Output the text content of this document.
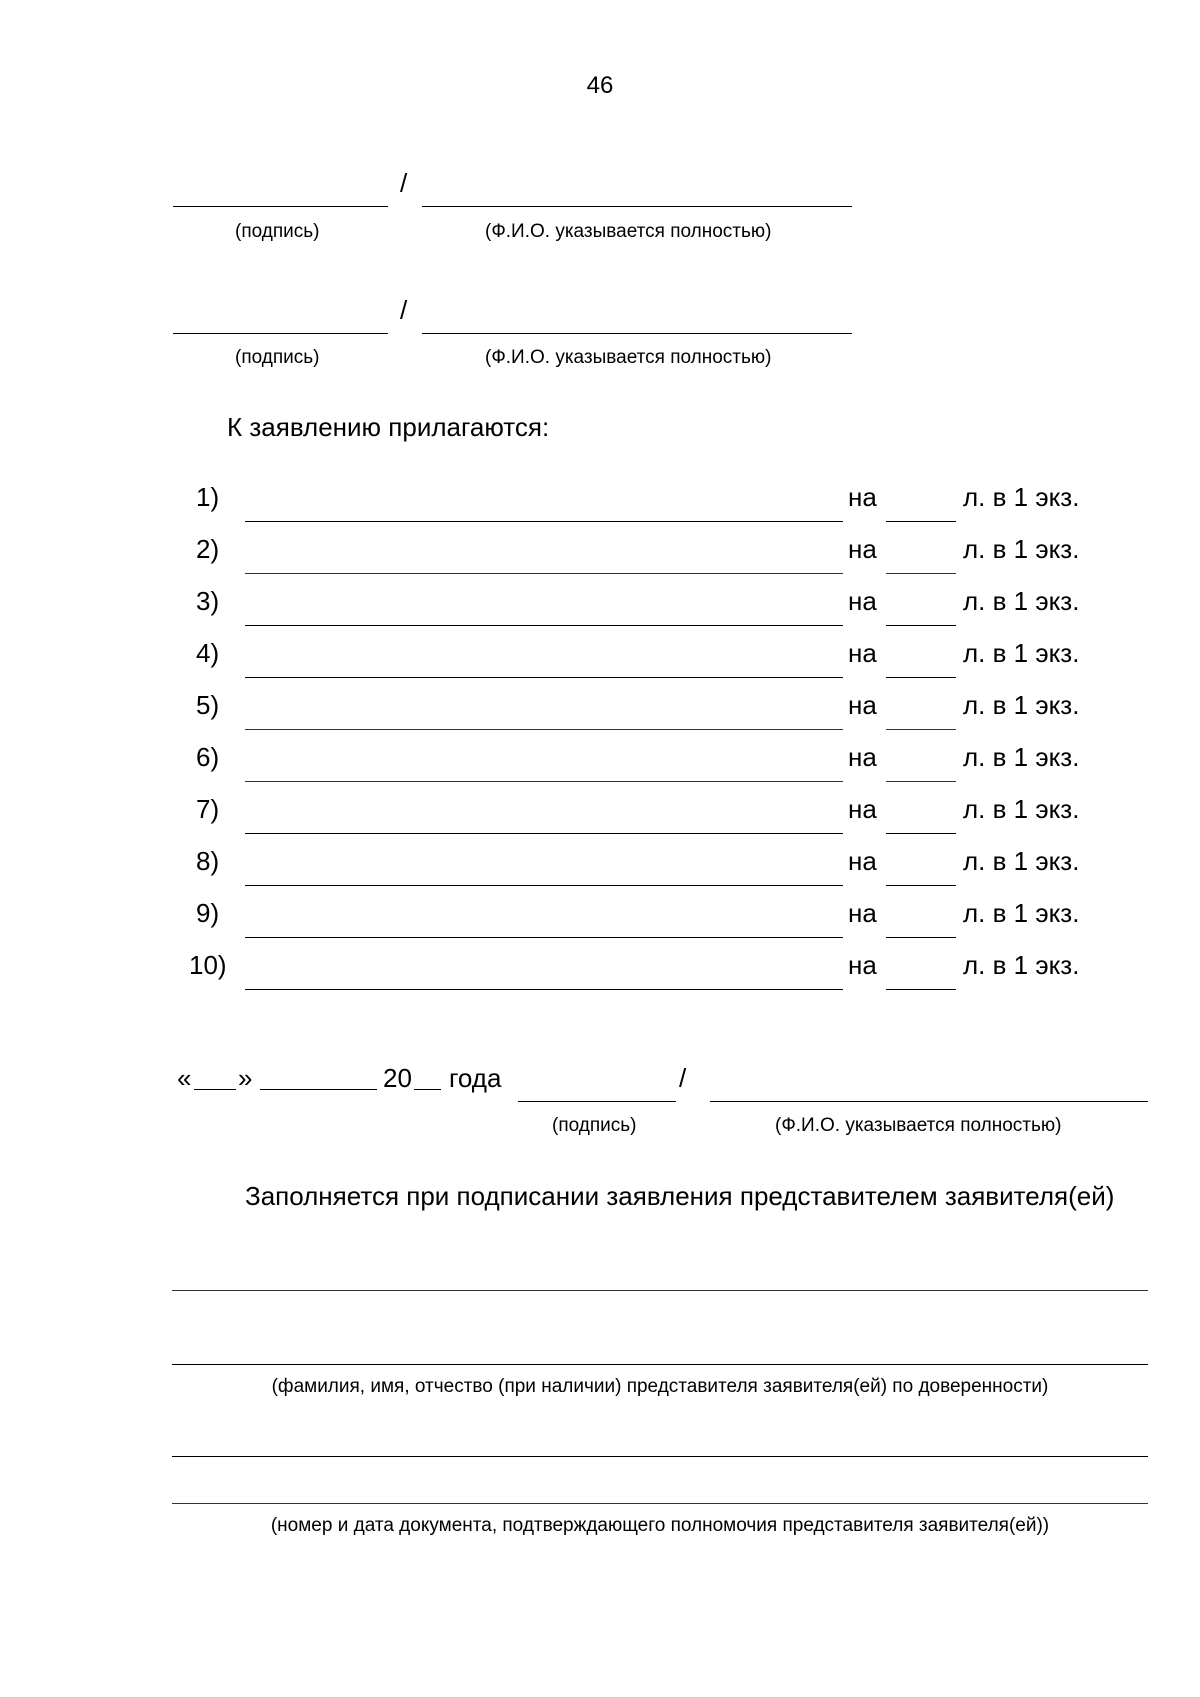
46
/
(подпись)	(Ф.И.О. указывается полностью)
/
(подпись)	(Ф.И.О. указывается полностью)
К заявлению прилагаются:
1)	на	л. в 1 экз.
2)	на	л. в 1 экз.
3)	на	л. в 1 экз.
4)	на	л. в 1 экз.
5)	на	л. в 1 экз.
6)	на	л. в 1 экз.
7)	на	л. в 1 экз.
8)	на	л. в 1 экз.
9)	на	л. в 1 экз.
10)	на	л. в 1 экз.
« »	20 года	/
(подпись)	(Ф.И.О. указывается полностью)
Заполняется при подписании заявления представителем заявителя(ей)
(фамилия, имя, отчество (при наличии) представителя заявителя(ей) по доверенности)
(номер и дата документа, подтверждающего полномочия представителя заявителя(ей))
